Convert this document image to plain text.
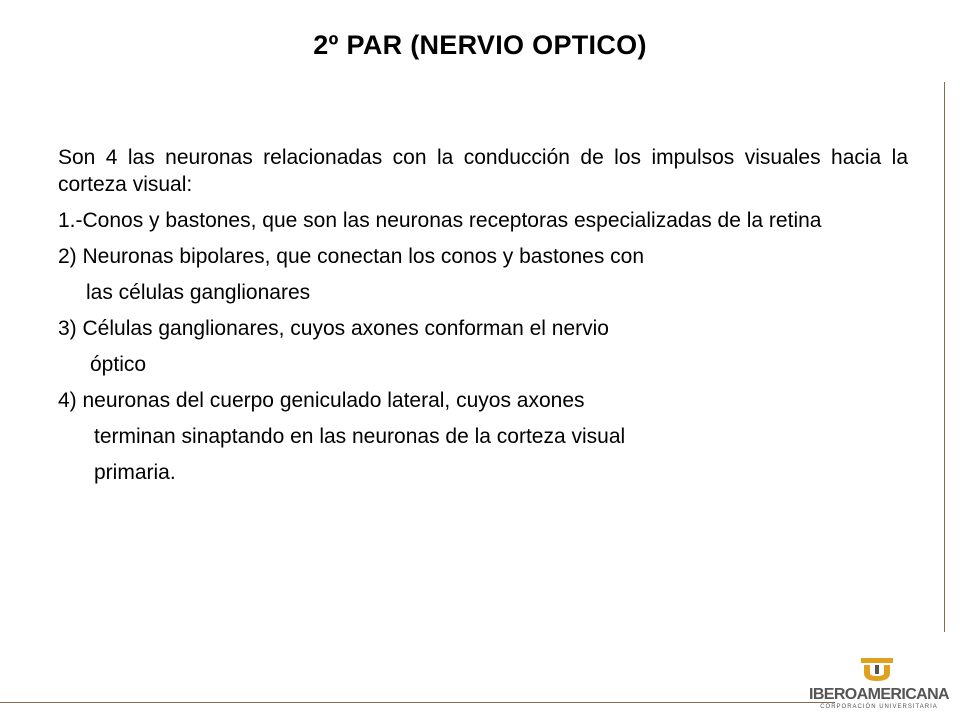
2º PAR (NERVIO OPTICO)

Son 4 las neuronas relacionadas con la conducción de los impulsos visuales hacia la corteza visual:

1.-Conos y bastones, que son las neuronas receptoras especializadas de la retina

2) Neuronas bipolares, que conectan los conos y bastones con

las células ganglionares

3) Células ganglionares, cuyos axones conforman el nervio

óptico

4) neuronas del cuerpo geniculado lateral, cuyos axones

terminan sinaptando en las neuronas de la corteza visual

primaria.

IBEROAMERICANA
CORPORACIÓN UNIVERSITARIA
